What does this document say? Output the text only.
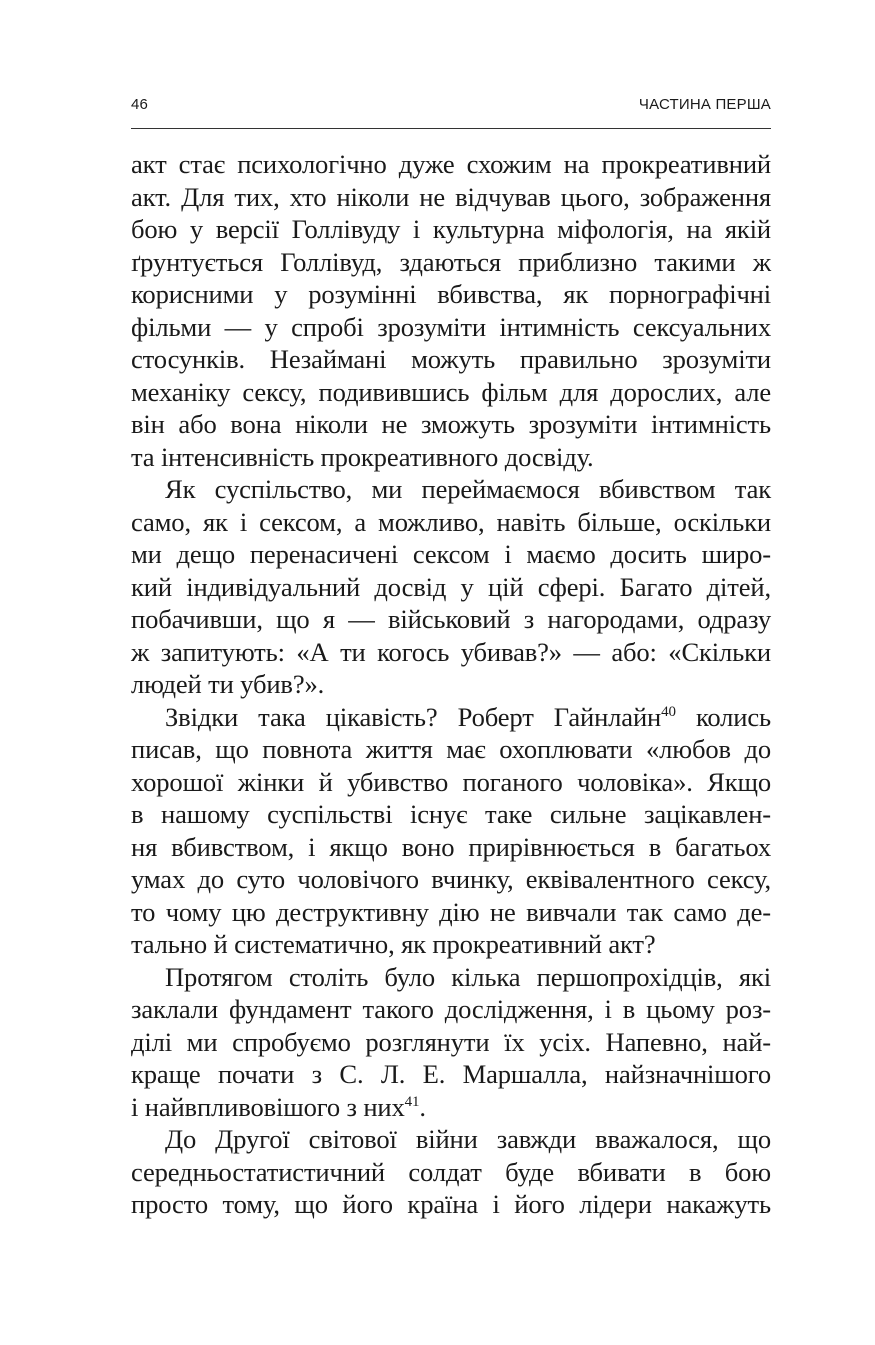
46	ЧАСТИНА ПЕРША

акт стає психологічно дуже схожим на прокреативний
акт. Для тих, хто ніколи не відчував цього, зображення
бою у версії Голлівуду і культурна міфологія, на якій
ґрунтується Голлівуд, здаються приблизно такими ж
корисними у розумінні вбивства, як порнографічні
фільми — у спробі зрозуміти інтимність сексуальних
стосунків. Незаймані можуть правильно зрозуміти
механіку сексу, подивившись фільм для дорослих, але
він або вона ніколи не зможуть зрозуміти інтимність
та інтенсивність прокреативного досвіду.

Як суспільство, ми переймаємося вбивством так
само, як і сексом, а можливо, навіть більше, оскільки
ми дещо перенасичені сексом і маємо досить широ-
кий індивідуальний досвід у цій сфері. Багато дітей,
побачивши, що я — військовий з нагородами, одразу
ж запитують: «А ти когось убивав?» — або: «Скільки
людей ти убив?».

Звідки така цікавість? Роберт Гайнлайн$^{40}$ колись
писав, що повнота життя має охоплювати «любов до
хорошої жінки й убивство поганого чоловіка». Якщо
в нашому суспільстві існує таке сильне зацікавлен-
ня вбивством, і якщо воно прирівнюється в багатьох
умах до суто чоловічого вчинку, еквівалентного сексу,
то чому цю деструктивну дію не вивчали так само де-
тально й систематично, як прокреативний акт?

Протягом століть було кілька першопрохідців, які
заклали фундамент такого дослідження, і в цьому роз-
ділі ми спробуємо розглянути їх усіх. Напевно, най-
краще почати з С. Л. Е. Маршалла, найзначнішого
і найвпливовішого з них$^{41}$.

До Другої світової війни завжди вважалося, що
середньостатистичний солдат буде вбивати в бою
просто тому, що його країна і його лідери накажуть
